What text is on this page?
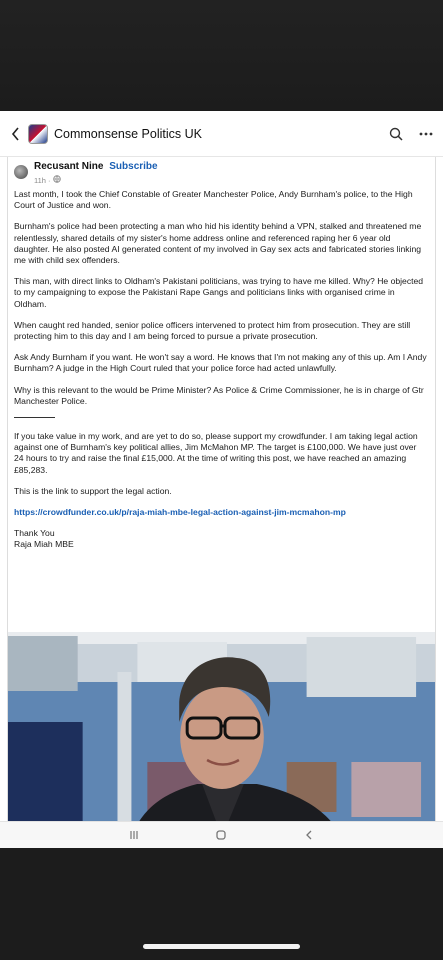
Commonsense Politics UK
Recusant Nine Subscribe
11h ·

Last month, I took the Chief Constable of Greater Manchester Police, Andy Burnham's police, to the High Court of Justice and won.

Burnham's police had been protecting a man who hid his identity behind a VPN, stalked and threatened me relentlessly, shared details of my sister's home address online and referenced raping her 6 year old daughter. He also posted AI generated content of my involved in Gay sex acts and fabricated stories linking me with child sex offenders.

This man, with direct links to Oldham's Pakistani politicians, was trying to have me killed. Why? He objected to my campaigning to expose the Pakistani Rape Gangs and politicians links with organised crime in Oldham.

When caught red handed, senior police officers intervened to protect him from prosecution. They are still protecting him to this day and I am being forced to pursue a private prosecution.

Ask Andy Burnham if you want. He won't say a word. He knows that I'm not making any of this up. Am I Andy Burnham? A judge in the High Court ruled that your police force had acted unlawfully.

Why is this relevant to the would be Prime Minister? As Police & Crime Commissioner, he is in charge of Gtr Manchester Police.

If you take value in my work, and are yet to do so, please support my crowdfunder. I am taking legal action against one of Burnham's key political allies, Jim McMahon MP. The target is £100,000. We have just over 24 hours to try and raise the final £15,000. At the time of writing this post, we have reached an amazing £85,283.

This is the link to support the legal action.

https://crowdfunder.co.uk/p/raja-miah-mbe-legal-action-against-jim-mcmahon-mp

Thank You
Raja Miah MBE
